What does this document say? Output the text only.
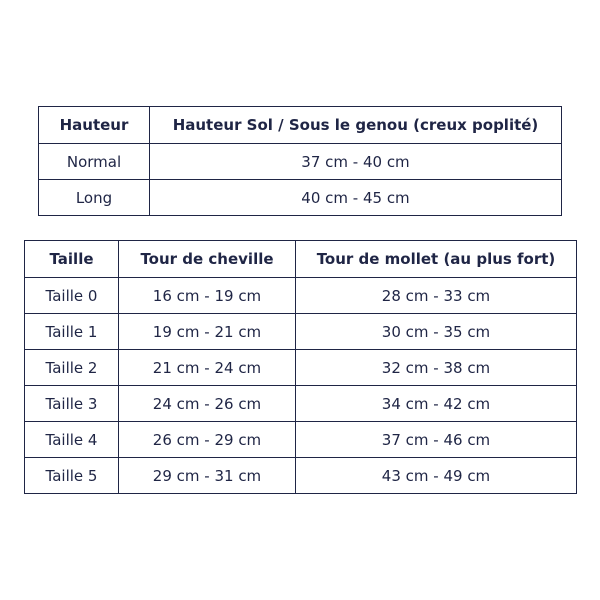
Hauteur	Hauteur Sol / Sous le genou (creux poplité)
Normal	37 cm - 40 cm
Long	40 cm - 45 cm
Taille	Tour de cheville	Tour de mollet (au plus fort)
Taille 0	16 cm - 19 cm	28 cm - 33 cm
Taille 1	19 cm - 21 cm	30 cm - 35 cm
Taille 2	21 cm - 24 cm	32 cm - 38 cm
Taille 3	24 cm - 26 cm	34 cm - 42 cm
Taille 4	26 cm - 29 cm	37 cm - 46 cm
Taille 5	29 cm - 31 cm	43 cm - 49 cm
